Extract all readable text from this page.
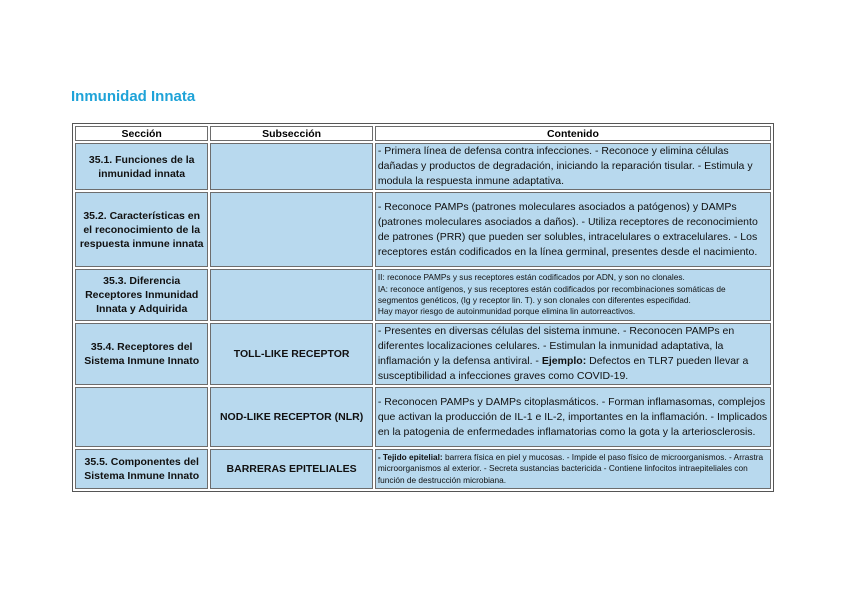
Inmunidad Innata
Sección	Subsección	Contenido
35.1. Funciones de la inmunidad innata		- Primera línea de defensa contra infecciones. - Reconoce y elimina células dañadas y productos de degradación, iniciando la reparación tisular. - Estimula y modula la respuesta inmune adaptativa.
35.2. Características en el reconocimiento de la respuesta inmune innata		- Reconoce PAMPs (patrones moleculares asociados a patógenos) y DAMPs (patrones moleculares asociados a daños). - Utiliza receptores de reconocimiento de patrones (PRR) que pueden ser solubles, intracelulares o extracelulares. - Los receptores están codificados en la línea germinal, presentes desde el nacimiento.
35.3. Diferencia Receptores Inmunidad Innata y Adquirida		II: reconoce PAMPs y sus receptores están codificados por ADN, y son no clonales.
IA: reconoce antígenos, y sus receptores están codificados por recombinaciones somáticas de segmentos genéticos, (Ig y receptor lin. T). y son clonales con diferentes especifidad.
Hay mayor riesgo de autoinmunidad porque elimina lin autorreactivos.

35.4. Receptores del Sistema Inmune Innato	TOLL-LIKE RECEPTOR	- Presentes en diversas células del sistema inmune. - Reconocen PAMPs en diferentes localizaciones celulares. - Estimulan la inmunidad adaptativa, la inflamación y la defensa antiviral. - Ejemplo: Defectos en TLR7 pueden llevar a susceptibilidad a infecciones graves como COVID-19.
	NOD-LIKE RECEPTOR (NLR)	- Reconocen PAMPs y DAMPs citoplasmáticos. - Forman inflamasomas, complejos que activan la producción de IL-1 e IL-2, importantes en la inflamación. - Implicados en la patogenia de enfermedades inflamatorias como la gota y la arteriosclerosis.
35.5. Componentes del Sistema Inmune Innato	BARRERAS EPITELIALES	- Tejido epitelial: barrera física en piel y mucosas. - Impide el paso físico de microorganismos. - Arrastra microorganismos al exterior. - Secreta sustancias bactericida - Contiene linfocitos intraepiteliales con función de destrucción microbiana.
